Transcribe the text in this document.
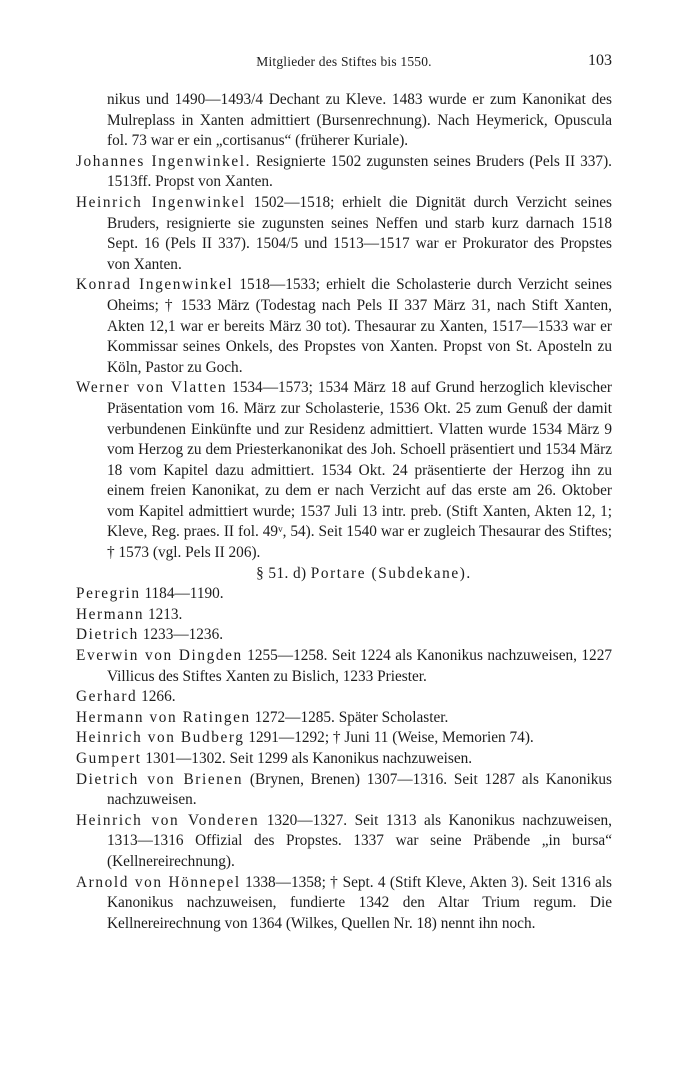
Mitglieder des Stiftes bis 1550.	103
nikus und 1490—1493/4 Dechant zu Kleve. 1483 wurde er zum Kanonikat des Mulreplass in Xanten admittiert (Bursenrechnung). Nach Heymerick, Opuscula fol. 73 war er ein „cortisanus“ (früherer Kuriale).
Johannes Ingenwinkel. Resignierte 1502 zugunsten seines Bruders (Pels II 337). 1513ff. Propst von Xanten.
Heinrich Ingenwinkel 1502—1518; erhielt die Dignität durch Verzicht seines Bruders, resignierte sie zugunsten seines Neffen und starb kurz darnach 1518 Sept. 16 (Pels II 337). 1504/5 und 1513—1517 war er Prokurator des Propstes von Xanten.
Konrad Ingenwinkel 1518—1533; erhielt die Scholasterie durch Verzicht seines Oheims; † 1533 März (Todestag nach Pels II 337 März 31, nach Stift Xanten, Akten 12,1 war er bereits März 30 tot). Thesaurar zu Xanten, 1517—1533 war er Kommissar seines Onkels, des Propstes von Xanten. Propst von St. Aposteln zu Köln, Pastor zu Goch.
Werner von Vlatten 1534—1573; 1534 März 18 auf Grund herzoglich klevischer Präsentation vom 16. März zur Scholasterie, 1536 Okt. 25 zum Genuß der damit verbundenen Einkünfte und zur Residenz admittiert. Vlatten wurde 1534 März 9 vom Herzog zu dem Priesterkanonikat des Joh. Schoell präsentiert und 1534 März 18 vom Kapitel dazu admittiert. 1534 Okt. 24 präsentierte der Herzog ihn zu einem freien Kanonikat, zu dem er nach Verzicht auf das erste am 26. Oktober vom Kapitel admittiert wurde; 1537 Juli 13 intr. preb. (Stift Xanten, Akten 12, 1; Kleve, Reg. praes. II fol. 49ᵛ, 54). Seit 1540 war er zugleich Thesaurar des Stiftes; † 1573 (vgl. Pels II 206).
§ 51. d) Portare (Subdekane).
Peregrin 1184—1190.
Hermann 1213.
Dietrich 1233—1236.
Everwin von Dingden 1255—1258. Seit 1224 als Kanonikus nachzuweisen, 1227 Villicus des Stiftes Xanten zu Bislich, 1233 Priester.
Gerhard 1266.
Hermann von Ratingen 1272—1285. Später Scholaster.
Heinrich von Budberg 1291—1292; † Juni 11 (Weise, Memorien 74).
Gumpert 1301—1302. Seit 1299 als Kanonikus nachzuweisen.
Dietrich von Brienen (Brynen, Brenen) 1307—1316. Seit 1287 als Kanonikus nachzuweisen.
Heinrich von Vonderen 1320—1327. Seit 1313 als Kanonikus nachzuweisen, 1313—1316 Offizial des Propstes. 1337 war seine Präbende „in bursa“ (Kellnereirechnung).
Arnold von Hönnepel 1338—1358; † Sept. 4 (Stift Kleve, Akten 3). Seit 1316 als Kanonikus nachzuweisen, fundierte 1342 den Altar Trium regum. Die Kellnereirechnung von 1364 (Wilkes, Quellen Nr. 18) nennt ihn noch.
